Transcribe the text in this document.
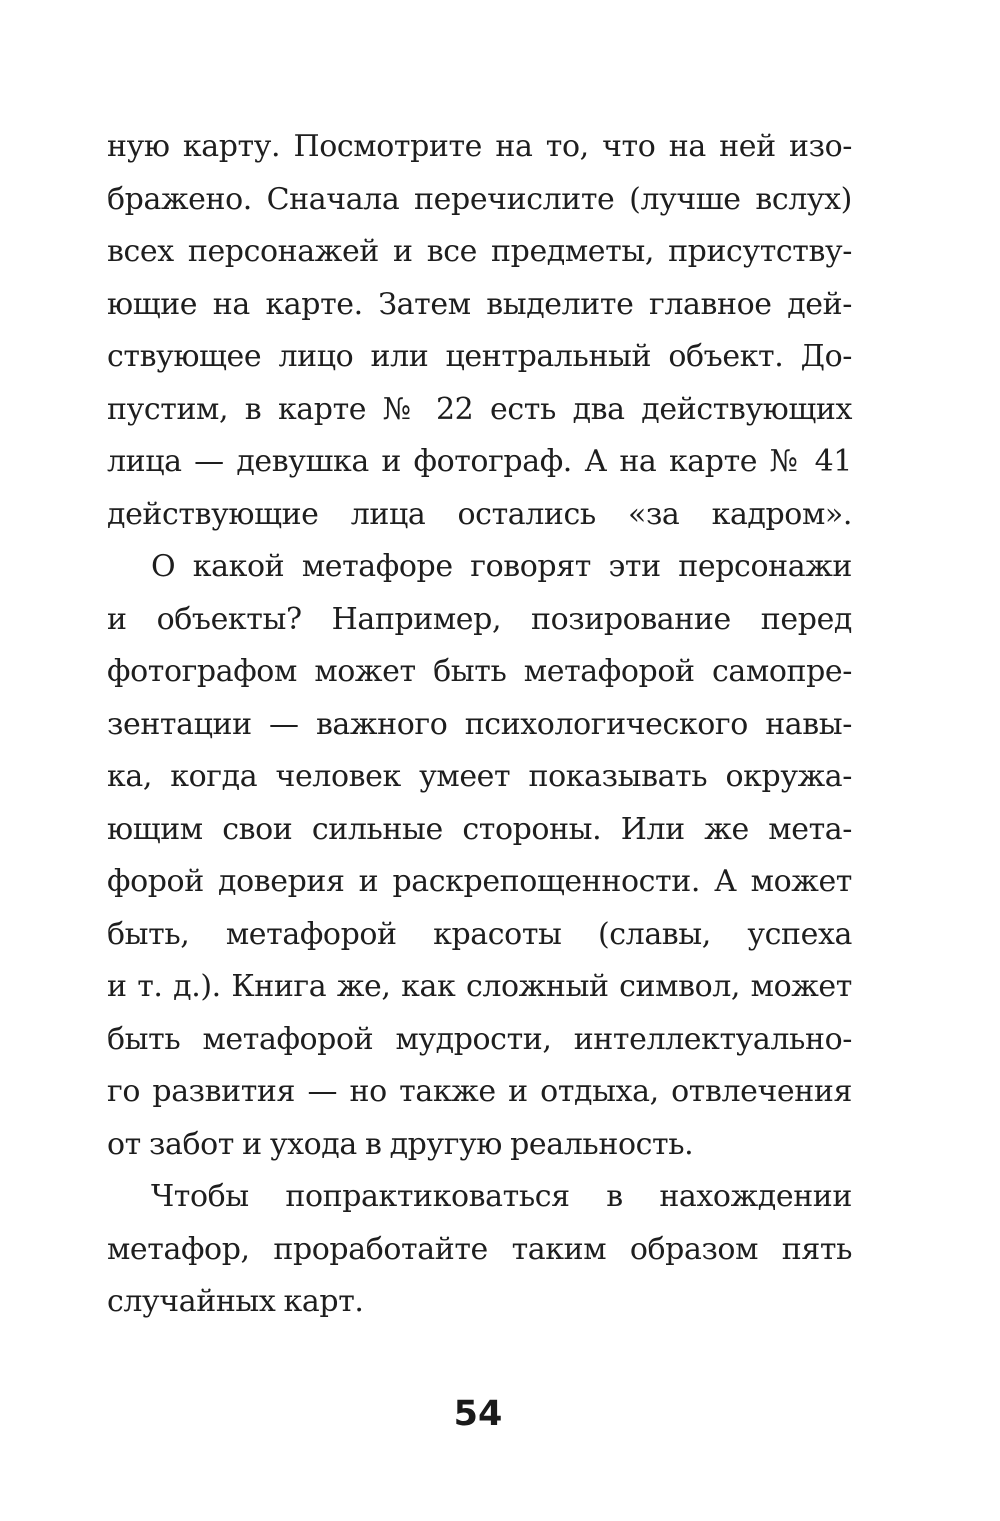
ную карту. Посмотрите на то, что на ней изо-
бражено. Сначала перечислите (лучше вслух)
всех персонажей и все предметы, присутству-
ющие на карте. Затем выделите главное дей-
ствующее лицо или центральный объект. До-
пустим, в карте № 22 есть два действующих
лица — девушка и фотограф. А на карте № 41
действующие лица остались «за кадром».
О какой метафоре говорят эти персонажи
и объекты? Например, позирование перед
фотографом может быть метафорой самопре-
зентации — важного психологического навы-
ка, когда человек умеет показывать окружа-
ющим свои сильные стороны. Или же мета-
форой доверия и раскрепощенности. А может
быть, метафорой красоты (славы, успеха
и т. д.). Книга же, как сложный символ, может
быть метафорой мудрости, интеллектуально-
го развития — но также и отдыха, отвлечения
от забот и ухода в другую реальность.
Чтобы попрактиковаться в нахождении
метафор, проработайте таким образом пять
случайных карт.
54
